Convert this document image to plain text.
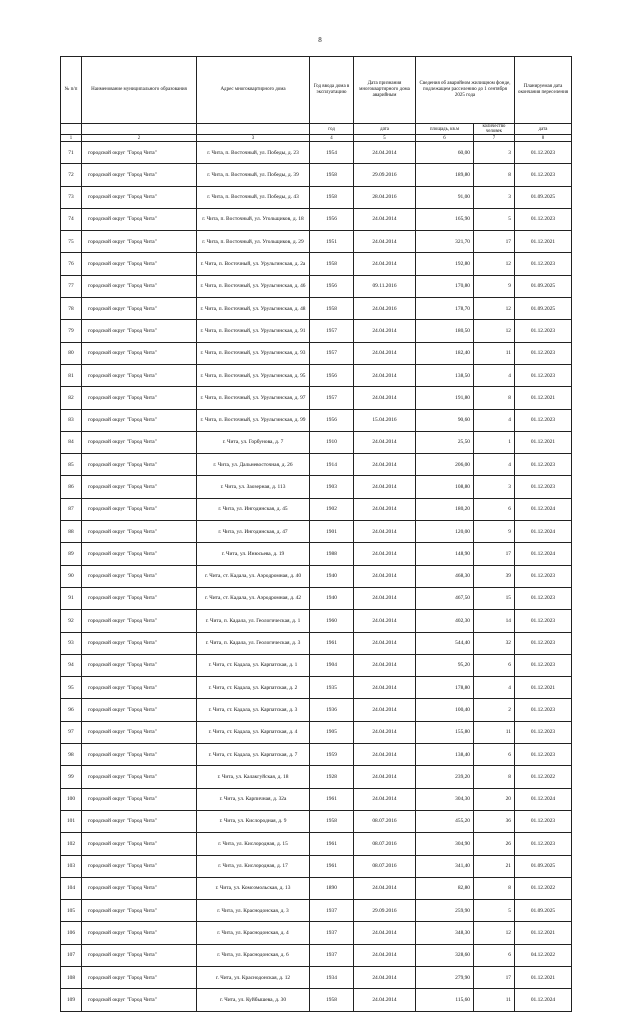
8
№ п/п	Наименование муниципального образования	Адрес многоквартирного дома	Год ввода дома в эксплуатацию	Дата признания многоквартирного дома аварийным	Сведения об аварийном жилищном фонде, подлежащем расселению до 1 сентября 2025 года		Планируемая дата окончания переселения
			год	дата	площадь, кв.м	количество человек	дата
1	2	3	4	5	6	7	8
71	городской округ "Город Чита"	г. Чита, п. Восточный, ул. Победы, д. 23	1954	24.04.2014	60,00	3	01.12.2023
72	городской округ "Город Чита"	г. Чита, п. Восточный, ул. Победы, д. 39	1958	29.09.2016	189,80	8	01.12.2023
73	городской округ "Город Чита"	г. Чита, п. Восточный, ул. Победы, д. 43	1958	28.04.2016	91,00	3	01.09.2025
74	городской округ "Город Чита"	г. Чита, п. Восточный, ул. Угольщиков, д. 18	1956	24.04.2014	165,90	5	01.12.2023
75	городской округ "Город Чита"	г. Чита, п. Восточный, ул. Угольщиков, д. 29	1951	24.04.2014	321,70	17	01.12.2021
76	городской округ "Город Чита"	г. Чита, п. Восточный, ул. Урульгинская, д. 2а	1958	24.04.2014	192,80	12	01.12.2023
77	городской округ "Город Чита"	г. Чита, п. Восточный, ул. Урульгинская, д. 46	1956	09.11.2016	170,80	9	01.09.2025
78	городской округ "Город Чита"	г. Чита, п. Восточный, ул. Урульгинская, д. 48	1958	24.04.2016	178,70	12	01.09.2025
79	городской округ "Город Чита"	г. Чита, п. Восточный, ул. Урульгинская, д. 91	1957	24.04.2014	180,50	12	01.12.2023
80	городской округ "Город Чита"	г. Чита, п. Восточный, ул. Урульгинская, д. 93	1957	24.04.2014	182,40	11	01.12.2023
81	городской округ "Город Чита"	г. Чита, п. Восточный, ул. Урульгинская, д. 95	1956	24.04.2014	138,50	4	01.12.2023
82	городской округ "Город Чита"	г. Чита, п. Восточный, ул. Урульгинская, д. 97	1957	24.04.2014	191,80	8	01.12.2021
83	городской округ "Город Чита"	г. Чита, п. Восточный, ул. Урульгинская, д. 99	1956	15.04.2016	90,60	4	01.12.2023
84	городской округ "Город Чита"	г. Чита, ул. Горбунова, д. 7	1910	24.04.2014	25,50	1	01.12.2021
85	городской округ "Город Чита"	г. Чита, ул. Дальневосточная, д. 26	1914	24.04.2014	206,00	4	01.12.2023
86	городской округ "Город Чита"	г. Чита, ул. Заозерная, д. 113	1903	24.04.2014	108,80	3	01.12.2023
87	городской округ "Город Чита"	г. Чита, ул. Ингодинская, д. 45	1902	24.04.2014	180,20	6	01.12.2024
88	городской округ "Город Чита"	г. Чита, ул. Ингодинская, д. 47	1901	24.04.2014	120,00	9	01.12.2024
89	городской округ "Город Чита"	г. Чита, ул. Инюсьева, д. 19	1988	24.04.2014	148,90	17	01.12.2024
90	городской округ "Город Чита"	г. Чита, ст. Кадала, ул. Аэродромная, д. 40	1940	24.04.2014	468,30	39	01.12.2023
91	городской округ "Город Чита"	г. Чита, ст. Кадала, ул. Аэродромная, д. 42	1940	24.04.2014	467,50	15	01.12.2023
92	городской округ "Город Чита"	г. Чита, п. Кадала, ул. Геологическая, д. 1	1960	24.04.2014	402,30	14	01.12.2023
93	городской округ "Город Чита"	г. Чита, п. Кадала, ул. Геологическая, д. 3	1961	24.04.2014	544,40	32	01.12.2023
94	городской округ "Город Чита"	г. Чита, ст. Кадала, ул. Карпатская, д. 1	1904	24.04.2014	95,20	6	01.12.2023
95	городской округ "Город Чита"	г. Чита, ст. Кадала, ул. Карпатская, д. 2	1935	24.04.2014	178,80	4	01.12.2021
96	городской округ "Город Чита"	г. Чита, ст. Кадала, ул. Карпатская, д. 3	1936	24.04.2014	100,40	2	01.12.2023
97	городской округ "Город Чита"	г. Чита, ст. Кадала, ул. Карпатская, д. 4	1905	24.04.2014	155,80	11	01.12.2023
98	городской округ "Город Чита"	г. Чита, ст. Кадала, ул. Карпатская, д. 7	1959	24.04.2014	138,40	6	01.12.2023
99	городской округ "Город Чита"	г. Чита, ул. Калакгуйская, д. 18	1928	24.04.2014	239,20	8	01.12.2022
100	городской округ "Город Чита"	г. Чита, ул. Карпичная, д. 32а	1961	24.04.2014	304,30	20	01.12.2024
101	городской округ "Город Чита"	г. Чита, ул. Кислородная, д. 9	1958	08.07.2016	455,20	36	01.12.2023
102	городской округ "Город Чита"	г. Чита, ул. Кислородная, д. 15	1961	08.07.2016	304,90	26	01.12.2023
103	городской округ "Город Чита"	г. Чита, ул. Кислородная, д. 17	1961	08.07.2016	341,40	21	01.09.2025
104	городской округ "Город Чита"	г. Чита, ул. Комсомольская, д. 13	1890	24.04.2014	82,80	8	01.12.2022
105	городской округ "Город Чита"	г. Чита, ул. Краснодонская, д. 3	1937	29.09.2016	259,90	5	01.09.2025
106	городской округ "Город Чита"	г. Чита, ул. Краснодонская, д. 4	1937	24.04.2014	348,30	12	01.12.2021
107	городской округ "Город Чита"	г. Чита, ул. Краснодонская, д. 6	1937	24.04.2014	328,60	6	04.12.2022
108	городской округ "Город Чита"	г. Чита, ул. Краснодонская, д. 12	1934	24.04.2014	279,90	17	01.12.2021
109	городской округ "Город Чита"	г. Чита, ул. Куйбышева, д. 30	1958	24.04.2014	115,60	11	01.12.2024
